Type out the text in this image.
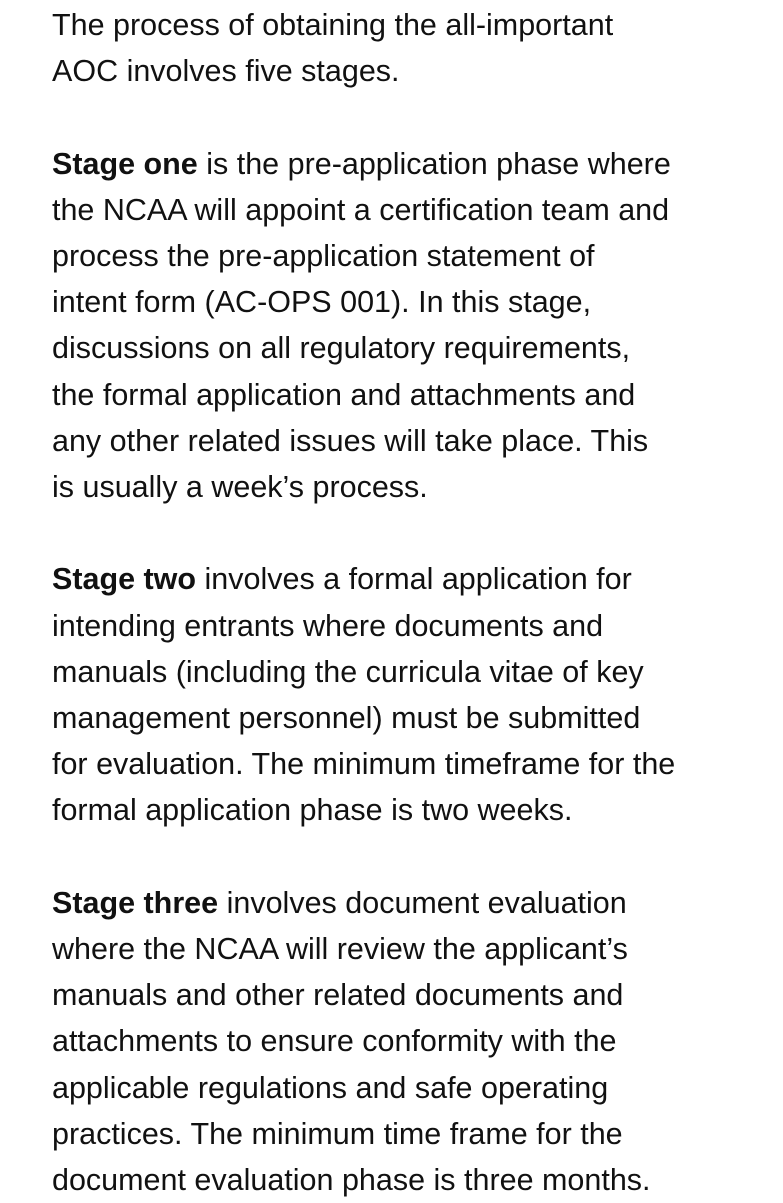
The process of obtaining the all-important
AOC involves five stages.

Stage one is the pre-application phase where
the NCAA will appoint a certification team and
process the pre-application statement of
intent form (AC-OPS 001). In this stage,
discussions on all regulatory requirements,
the formal application and attachments and
any other related issues will take place. This
is usually a week’s process.

Stage two involves a formal application for
intending entrants where documents and
manuals (including the curricula vitae of key
management personnel) must be submitted
for evaluation. The minimum timeframe for the
formal application phase is two weeks.

Stage three involves document evaluation
where the NCAA will review the applicant’s
manuals and other related documents and
attachments to ensure conformity with the
applicable regulations and safe operating
practices. The minimum time frame for the
document evaluation phase is three months.
